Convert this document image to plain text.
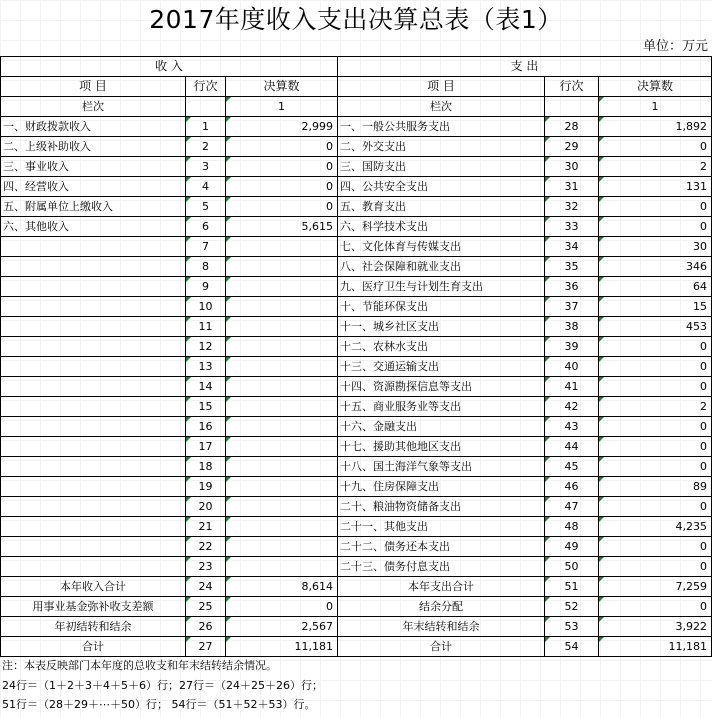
2017年度收入支出决算总表（表1）
单位：万元
收 入			支 出		
项 目	行次	决算数	项 目	行次	决算数
栏次		1	栏次		1
一、财政拨款收入	1	2,999	一、一般公共服务支出	28	1,892
二、上级补助收入	2	0	二、外交支出	29	0
三、事业收入	3	0	三、国防支出	30	2
四、经营收入	4	0	四、公共安全支出	31	131
五、附属单位上缴收入	5	0	五、教育支出	32	0
六、其他收入	6	5,615	六、科学技术支出	33	0
	7		七、文化体育与传媒支出	34	30
	8		八、社会保障和就业支出	35	346
	9		九、医疗卫生与计划生育支出	36	64
	10		十、节能环保支出	37	15
	11		十一、城乡社区支出	38	453
	12		十二、农林水支出	39	0
	13		十三、交通运输支出	40	0
	14		十四、资源勘探信息等支出	41	0
	15		十五、商业服务业等支出	42	2
	16		十六、金融支出	43	0
	17		十七、援助其他地区支出	44	0
	18		十八、国土海洋气象等支出	45	0
	19		十九、住房保障支出	46	89
	20		二十、粮油物资储备支出	47	0
	21		二十一、其他支出	48	4,235
	22		二十二、债务还本支出	49	0
	23		二十三、债务付息支出	50	0
本年收入合计	24	8,614	本年支出合计	51	7,259
用事业基金弥补收支差额	25	0	结余分配	52	0
年初结转和结余	26	2,567	年末结转和结余	53	3,922
合计	27	11,181	合计	54	11,181
注：本表反映部门本年度的总收支和年末结转结余情况。
24行＝（1＋2＋3＋4＋5＋6）行；27行＝（24＋25＋26）行；
51行＝（28＋29＋⋯＋50）行； 54行＝（51＋52＋53）行。
